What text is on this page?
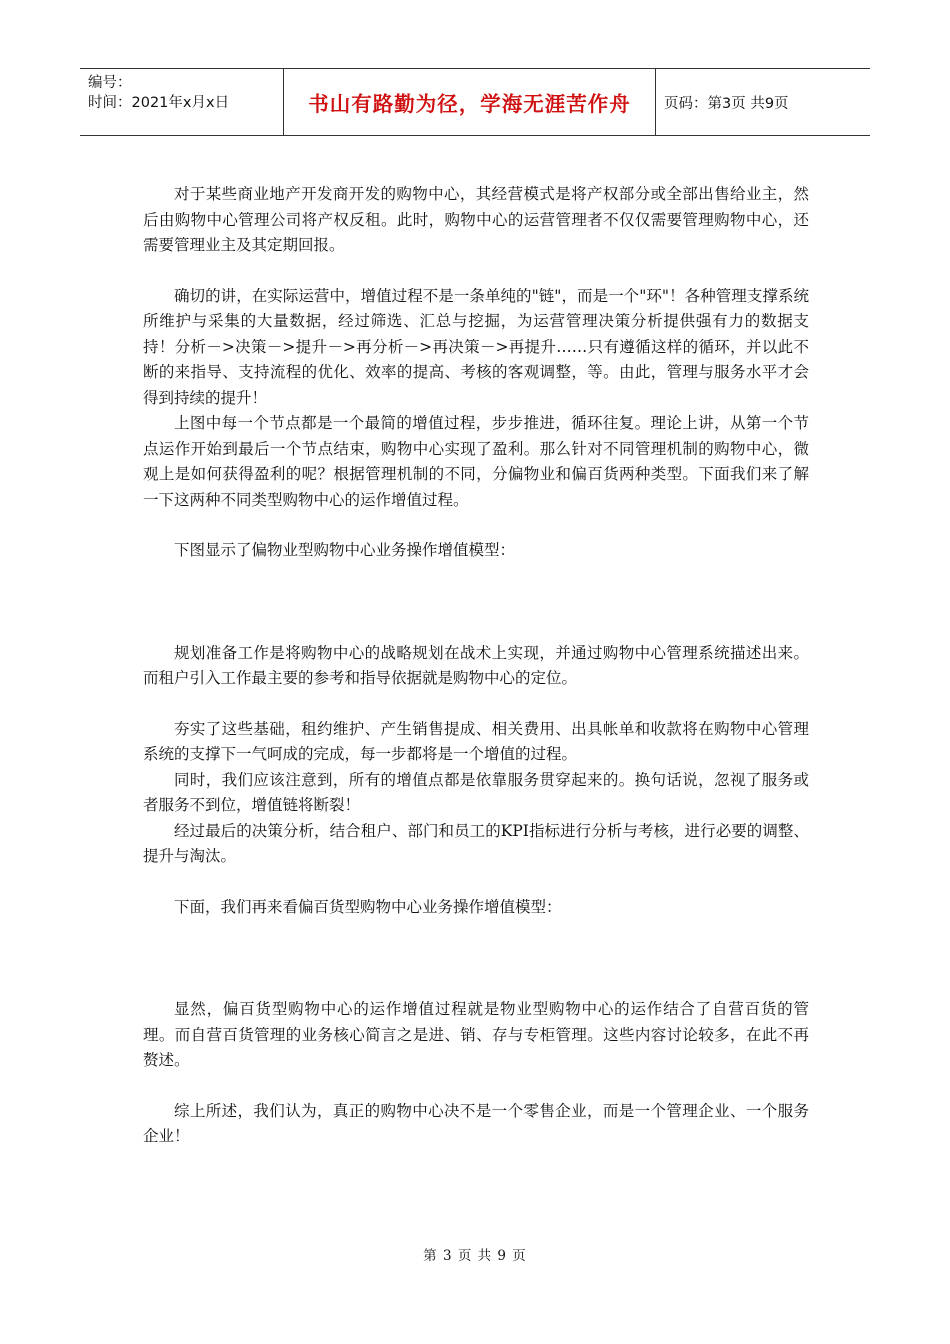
编号：
时间：2021年x月x日	书山有路勤为径，学海无涯苦作舟 页码：第3页 共9页

对于某些商业地产开发商开发的购物中心，其经营模式是将产权部分或全部出售给业主，然后由购物中心管理公司将产权反租。此时，购物中心的运营管理者不仅仅需要管理购物中心，还需要管理业主及其定期回报。

确切的讲，在实际运营中，增值过程不是一条单纯的"链"，而是一个"环"！各种管理支撑系统所维护与采集的大量数据，经过筛选、汇总与挖掘，为运营管理决策分析提供强有力的数据支持！分析－>决策－>提升－>再分析－>再决策－>再提升……只有遵循这样的循环，并以此不断的来指导、支持流程的优化、效率的提高、考核的客观调整，等。由此，管理与服务水平才会得到持续的提升！

上图中每一个节点都是一个最简的增值过程，步步推进，循环往复。理论上讲，从第一个节点运作开始到最后一个节点结束，购物中心实现了盈利。那么针对不同管理机制的购物中心，微观上是如何获得盈利的呢？根据管理机制的不同，分偏物业和偏百货两种类型。下面我们来了解一下这两种不同类型购物中心的运作增值过程。

下图显示了偏物业型购物中心业务操作增值模型：

规划准备工作是将购物中心的战略规划在战术上实现，并通过购物中心管理系统描述出来。而租户引入工作最主要的参考和指导依据就是购物中心的定位。

夯实了这些基础，租约维护、产生销售提成、相关费用、出具帐单和收款将在购物中心管理系统的支撑下一气呵成的完成，每一步都将是一个增值的过程。

同时，我们应该注意到，所有的增值点都是依靠服务贯穿起来的。换句话说，忽视了服务或者服务不到位，增值链将断裂！

经过最后的决策分析，结合租户、部门和员工的KPI指标进行分析与考核，进行必要的调整、提升与淘汰。

下面，我们再来看偏百货型购物中心业务操作增值模型：

显然，偏百货型购物中心的运作增值过程就是物业型购物中心的运作结合了自营百货的管理。而自营百货管理的业务核心简言之是进、销、存与专柜管理。这些内容讨论较多，在此不再赘述。

综上所述，我们认为，真正的购物中心决不是一个零售企业，而是一个管理企业、一个服务企业！

第 3 页 共 9 页
